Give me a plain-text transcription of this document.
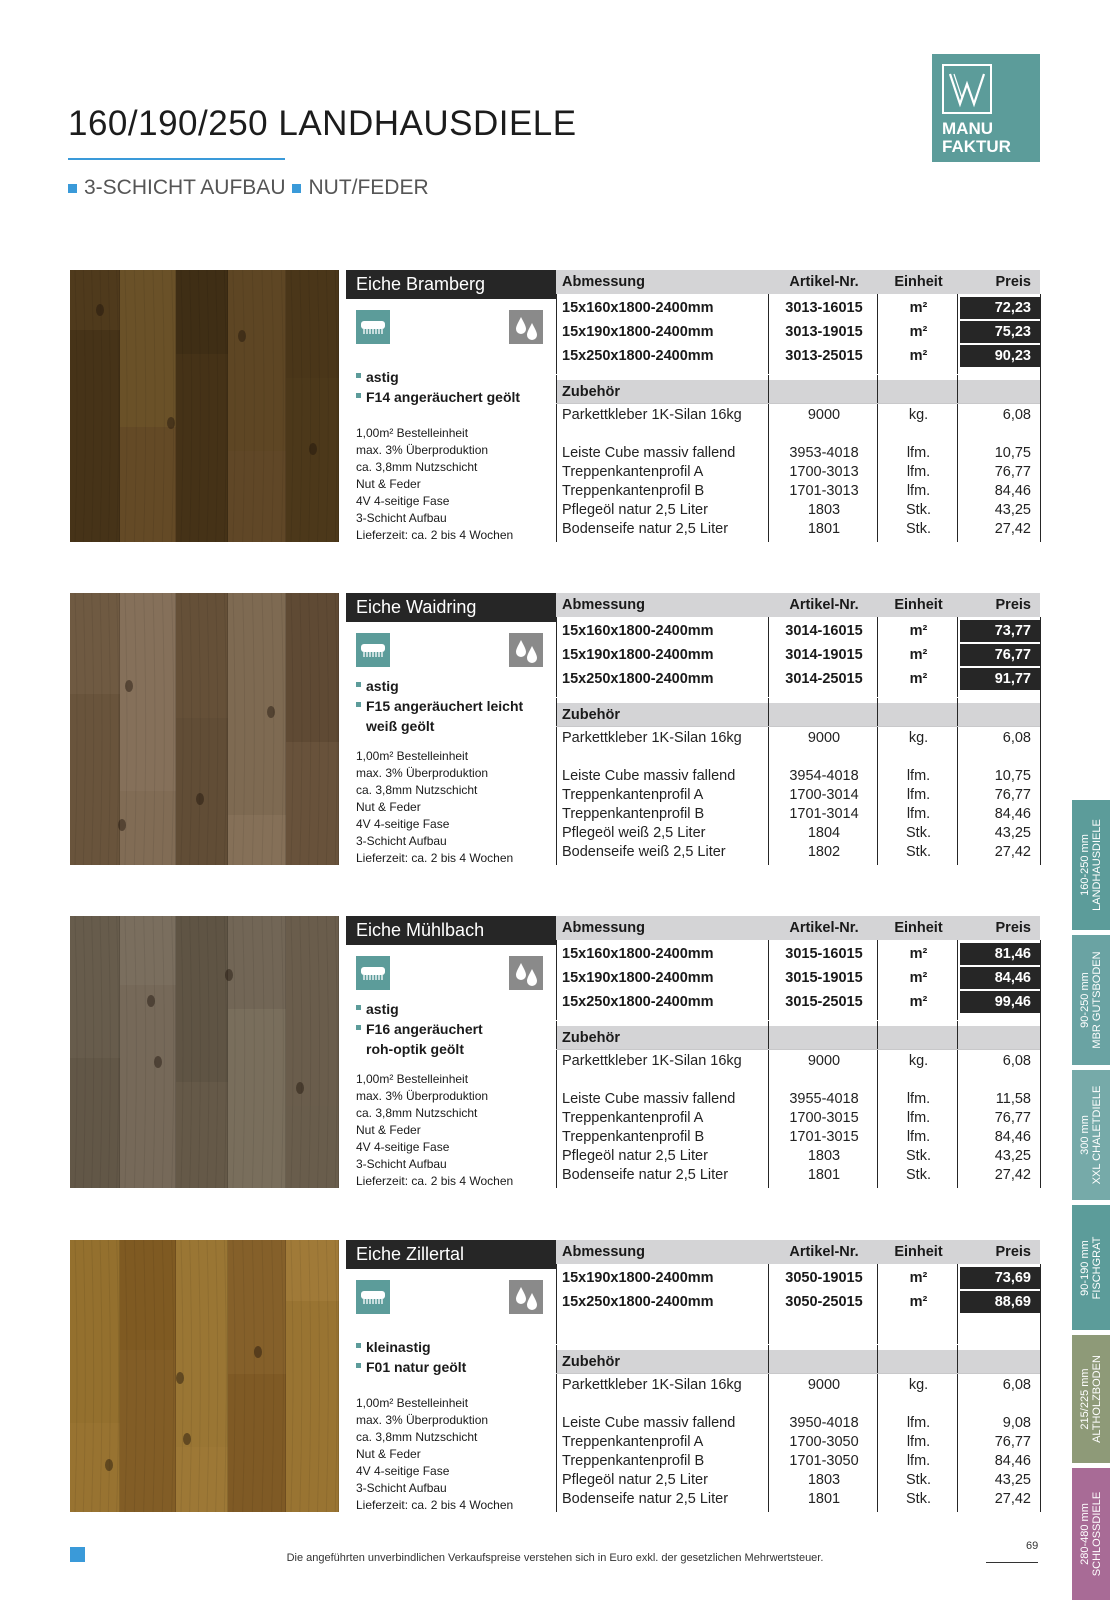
160/190/250 LANDHAUSDIELE
3-SCHICHT AUFBAU NUT/FEDER
MANU
FAKTUR
Eiche Bramberg
astig
F14 angeräuchert geölt
1,00m² Bestelleinheit
max. 3% Überproduktion
ca. 3,8mm Nutzschicht
Nut & Feder
4V 4-seitige Fase
3-Schicht Aufbau
Lieferzeit: ca. 2 bis 4 Wochen
Abmessung	Artikel-Nr.	Einheit	Preis
15x160x1800-2400mm	3013-16015	m²	72,23
15x190x1800-2400mm	3013-19015	m²	75,23
15x250x1800-2400mm	3013-25015	m²	90,23
Zubehör
Parkettkleber 1K-Silan 16kg	9000	kg.	6,08
Leiste Cube massiv fallend	3953-4018	lfm.	10,75
Treppenkantenprofil A	1700-3013	lfm.	76,77
Treppenkantenprofil B	1701-3013	lfm.	84,46
Pflegeöl natur 2,5 Liter	1803	Stk.	43,25
Bodenseife natur 2,5 Liter	1801	Stk.	27,42
Eiche Waidring
astig
F15 angeräuchert leicht
weiß geölt
1,00m² Bestelleinheit
max. 3% Überproduktion
ca. 3,8mm Nutzschicht
Nut & Feder
4V 4-seitige Fase
3-Schicht Aufbau
Lieferzeit: ca. 2 bis 4 Wochen
Abmessung	Artikel-Nr.	Einheit	Preis
15x160x1800-2400mm	3014-16015	m²	73,77
15x190x1800-2400mm	3014-19015	m²	76,77
15x250x1800-2400mm	3014-25015	m²	91,77
Zubehör
Parkettkleber 1K-Silan 16kg	9000	kg.	6,08
Leiste Cube massiv fallend	3954-4018	lfm.	10,75
Treppenkantenprofil A	1700-3014	lfm.	76,77
Treppenkantenprofil B	1701-3014	lfm.	84,46
Pflegeöl weiß 2,5 Liter	1804	Stk.	43,25
Bodenseife weiß 2,5 Liter	1802	Stk.	27,42
Eiche Mühlbach
astig
F16 angeräuchert
roh-optik geölt
1,00m² Bestelleinheit
max. 3% Überproduktion
ca. 3,8mm Nutzschicht
Nut & Feder
4V 4-seitige Fase
3-Schicht Aufbau
Lieferzeit: ca. 2 bis 4 Wochen
Abmessung	Artikel-Nr.	Einheit	Preis
15x160x1800-2400mm	3015-16015	m²	81,46
15x190x1800-2400mm	3015-19015	m²	84,46
15x250x1800-2400mm	3015-25015	m²	99,46
Zubehör
Parkettkleber 1K-Silan 16kg	9000	kg.	6,08
Leiste Cube massiv fallend	3955-4018	lfm.	11,58
Treppenkantenprofil A	1700-3015	lfm.	76,77
Treppenkantenprofil B	1701-3015	lfm.	84,46
Pflegeöl natur 2,5 Liter	1803	Stk.	43,25
Bodenseife natur 2,5 Liter	1801	Stk.	27,42
Eiche Zillertal
kleinastig
F01 natur geölt
1,00m² Bestelleinheit
max. 3% Überproduktion
ca. 3,8mm Nutzschicht
Nut & Feder
4V 4-seitige Fase
3-Schicht Aufbau
Lieferzeit: ca. 2 bis 4 Wochen
Abmessung	Artikel-Nr.	Einheit	Preis
15x190x1800-2400mm	3050-19015	m²	73,69
15x250x1800-2400mm	3050-25015	m²	88,69
Zubehör
Parkettkleber 1K-Silan 16kg	9000	kg.	6,08
Leiste Cube massiv fallend	3950-4018	lfm.	9,08
Treppenkantenprofil A	1700-3050	lfm.	76,77
Treppenkantenprofil B	1701-3050	lfm.	84,46
Pflegeöl natur 2,5 Liter	1803	Stk.	43,25
Bodenseife natur 2,5 Liter	1801	Stk.	27,42
160-250 mm LANDHAUSDIELE
90-250 mm MBR GUTSBODEN
300 mm XXL CHALETDIELE
90-190 mm FISCHGRAT
215/225 mm ALTHOLZBODEN
280-480 mm SCHLOSSDIELE
Die angeführten unverbindlichen Verkaufspreise verstehen sich in Euro exkl. der gesetzlichen Mehrwertsteuer.
69
